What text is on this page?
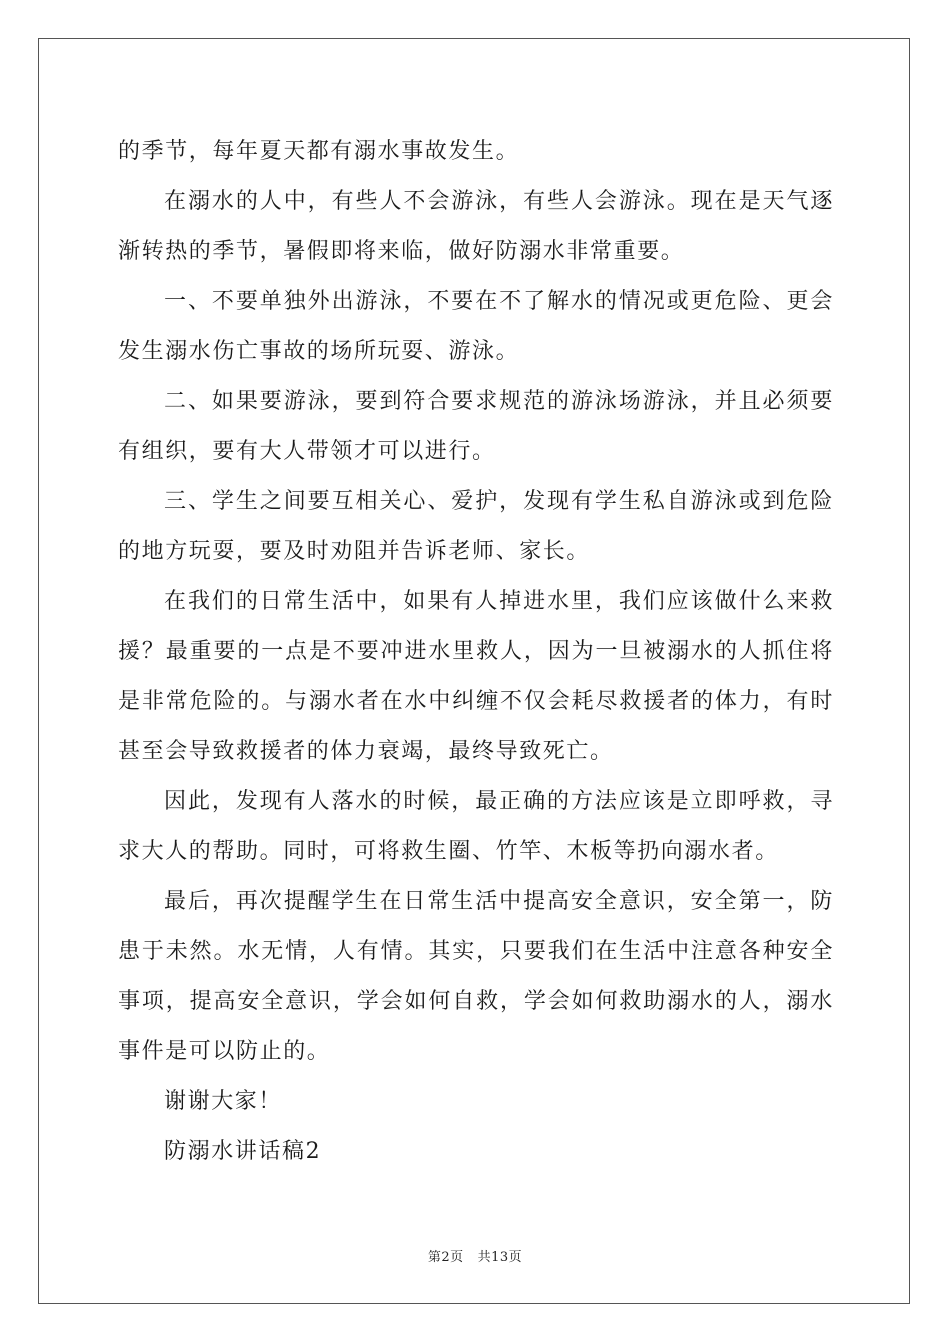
的季节，每年夏天都有溺水事故发生。

在溺水的人中，有些人不会游泳，有些人会游泳。现在是天气逐渐转热的季节，暑假即将来临，做好防溺水非常重要。

一、不要单独外出游泳，不要在不了解水的情况或更危险、更会发生溺水伤亡事故的场所玩耍、游泳。

二、如果要游泳，要到符合要求规范的游泳场游泳，并且必须要有组织，要有大人带领才可以进行。

三、学生之间要互相关心、爱护，发现有学生私自游泳或到危险的地方玩耍，要及时劝阻并告诉老师、家长。

在我们的日常生活中，如果有人掉进水里，我们应该做什么来救援？最重要的一点是不要冲进水里救人，因为一旦被溺水的人抓住将是非常危险的。与溺水者在水中纠缠不仅会耗尽救援者的体力，有时甚至会导致救援者的体力衰竭，最终导致死亡。

因此，发现有人落水的时候，最正确的方法应该是立即呼救，寻求大人的帮助。同时，可将救生圈、竹竿、木板等扔向溺水者。

最后，再次提醒学生在日常生活中提高安全意识，安全第一，防患于未然。水无情，人有情。其实，只要我们在生活中注意各种安全事项，提高安全意识，学会如何自救，学会如何救助溺水的人，溺水事件是可以防止的。

谢谢大家！

防溺水讲话稿2

第2页 共13页
